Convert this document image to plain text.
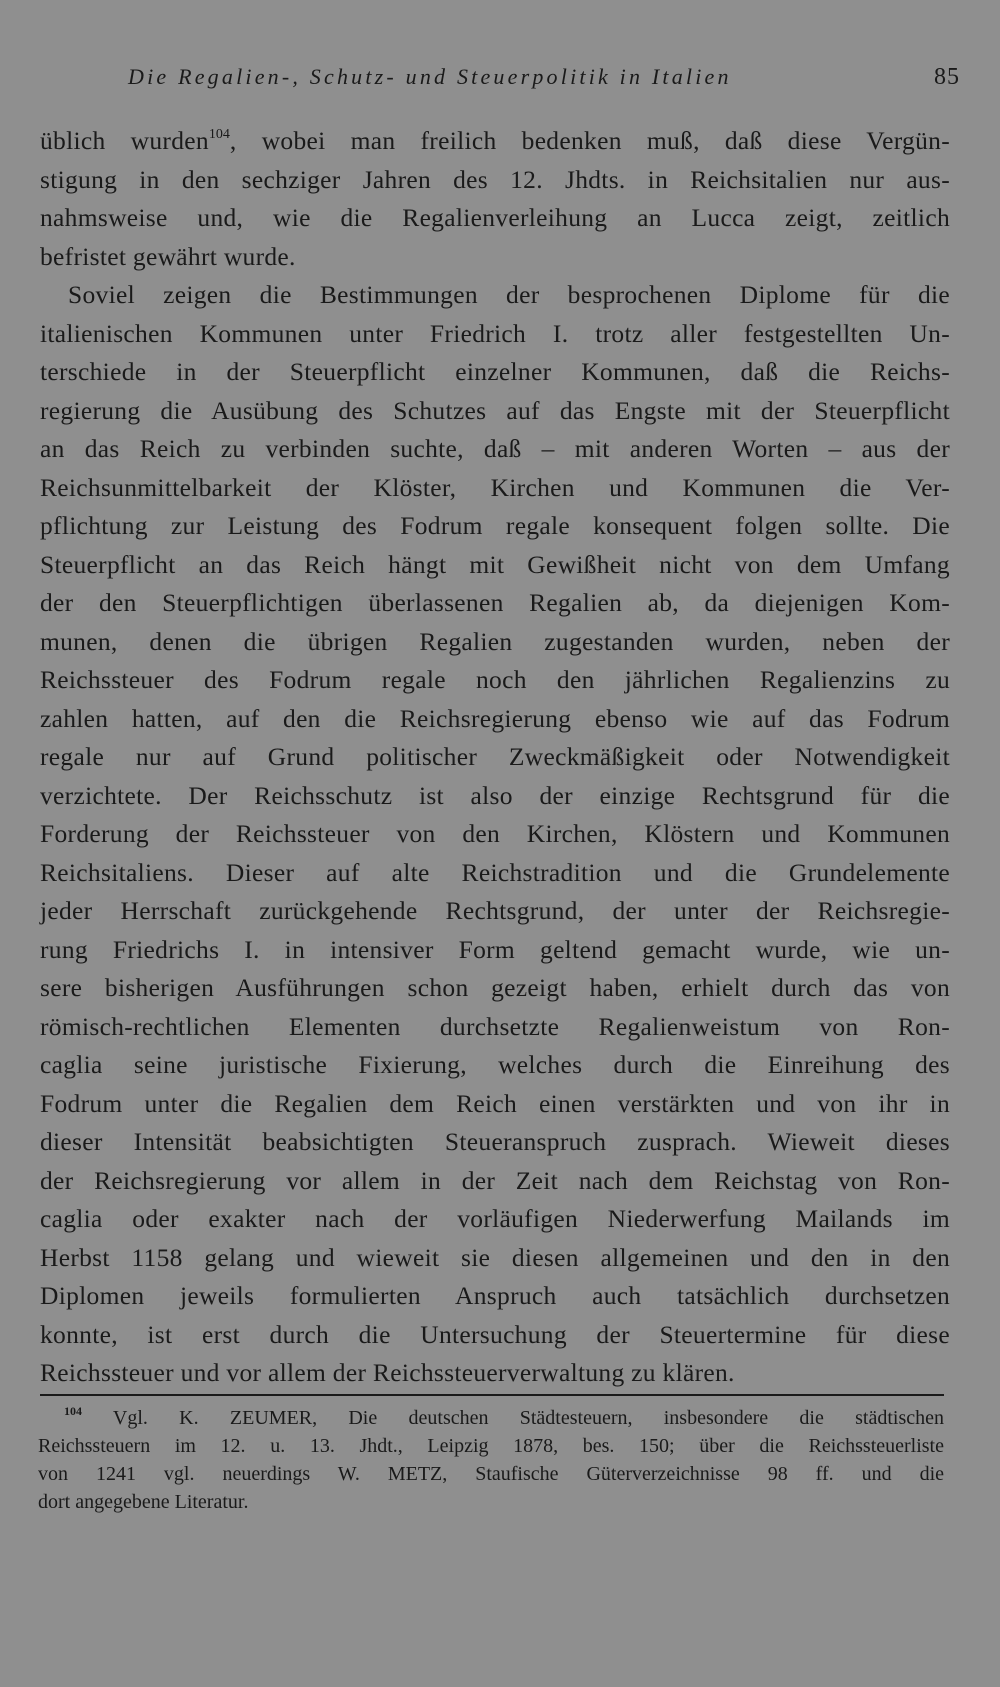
Die Regalien-, Schutz- und Steuerpolitik in Italien	85
üblich wurden$^{104}$, wobei man freilich bedenken muß, daß diese Vergün-
stigung in den sechziger Jahren des 12. Jhdts. in Reichsitalien nur aus-
nahmsweise und, wie die Regalienverleihung an Lucca zeigt, zeitlich
befristet gewährt wurde.
Soviel zeigen die Bestimmungen der besprochenen Diplome für die
italienischen Kommunen unter Friedrich I. trotz aller festgestellten Un-
terschiede in der Steuerpflicht einzelner Kommunen, daß die Reichs-
regierung die Ausübung des Schutzes auf das Engste mit der Steuerpflicht
an das Reich zu verbinden suchte, daß – mit anderen Worten – aus der
Reichsunmittelbarkeit der Klöster, Kirchen und Kommunen die Ver-
pflichtung zur Leistung des Fodrum regale konsequent folgen sollte. Die
Steuerpflicht an das Reich hängt mit Gewißheit nicht von dem Umfang
der den Steuerpflichtigen überlassenen Regalien ab, da diejenigen Kom-
munen, denen die übrigen Regalien zugestanden wurden, neben der
Reichssteuer des Fodrum regale noch den jährlichen Regalienzins zu
zahlen hatten, auf den die Reichsregierung ebenso wie auf das Fodrum
regale nur auf Grund politischer Zweckmäßigkeit oder Notwendigkeit
verzichtete. Der Reichsschutz ist also der einzige Rechtsgrund für die
Forderung der Reichssteuer von den Kirchen, Klöstern und Kommunen
Reichsitaliens. Dieser auf alte Reichstradition und die Grundelemente
jeder Herrschaft zurückgehende Rechtsgrund, der unter der Reichsregie-
rung Friedrichs I. in intensiver Form geltend gemacht wurde, wie un-
sere bisherigen Ausführungen schon gezeigt haben, erhielt durch das von
römisch-rechtlichen Elementen durchsetzte Regalienweistum von Ron-
caglia seine juristische Fixierung, welches durch die Einreihung des
Fodrum unter die Regalien dem Reich einen verstärkten und von ihr in
dieser Intensität beabsichtigten Steueranspruch zusprach. Wieweit dieses
der Reichsregierung vor allem in der Zeit nach dem Reichstag von Ron-
caglia oder exakter nach der vorläufigen Niederwerfung Mailands im
Herbst 1158 gelang und wieweit sie diesen allgemeinen und den in den
Diplomen jeweils formulierten Anspruch auch tatsächlich durchsetzen
konnte, ist erst durch die Untersuchung der Steuertermine für diese
Reichssteuer und vor allem der Reichssteuerverwaltung zu klären.
$^{104}$ Vgl. K. ZEUMER, Die deutschen Städtesteuern, insbesondere die städtischen
Reichssteuern im 12. u. 13. Jhdt., Leipzig 1878, bes. 150; über die Reichssteuerliste
von 1241 vgl. neuerdings W. METZ, Staufische Güterverzeichnisse 98 ff. und die
dort angegebene Literatur.
